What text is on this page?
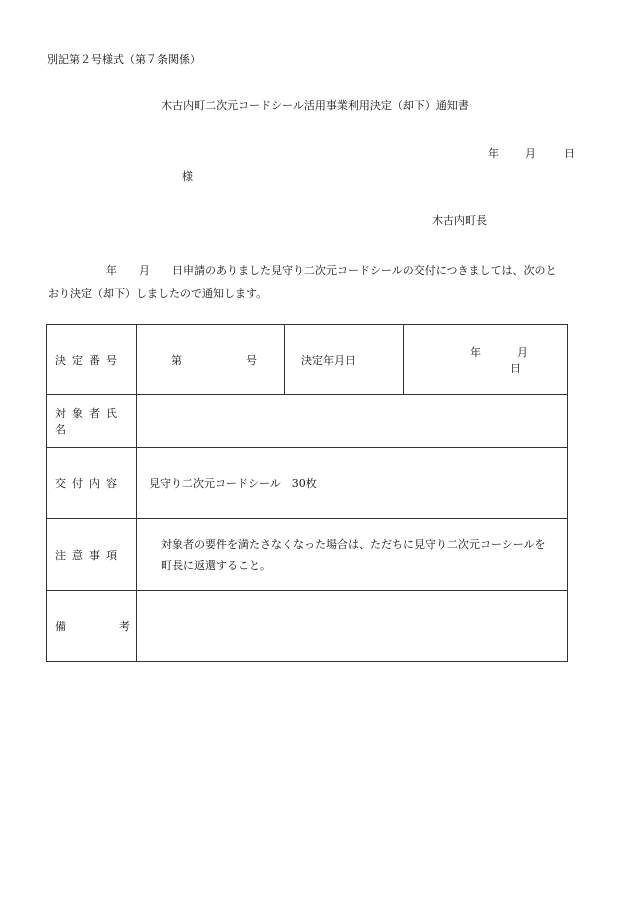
別記第２号様式（第７条関係）
木古内町二次元コードシール活用事業利用決定（却下）通知書
年 月	日
様
木古内町長
年　　月　　日申請のありました見守り二次元コードシールの交付につきましては、次のと
おり決定（却下）しましたので通知します。
決定番号	第 号	決定年月日	年 月日
対象者氏名			
交付内容	見守り二次元コードシール　30枚		
注意事項	対象者の要件を満たさなくなった場合は、ただちに見守り二次元コーシールを町長に返還すること。		

備 考			
